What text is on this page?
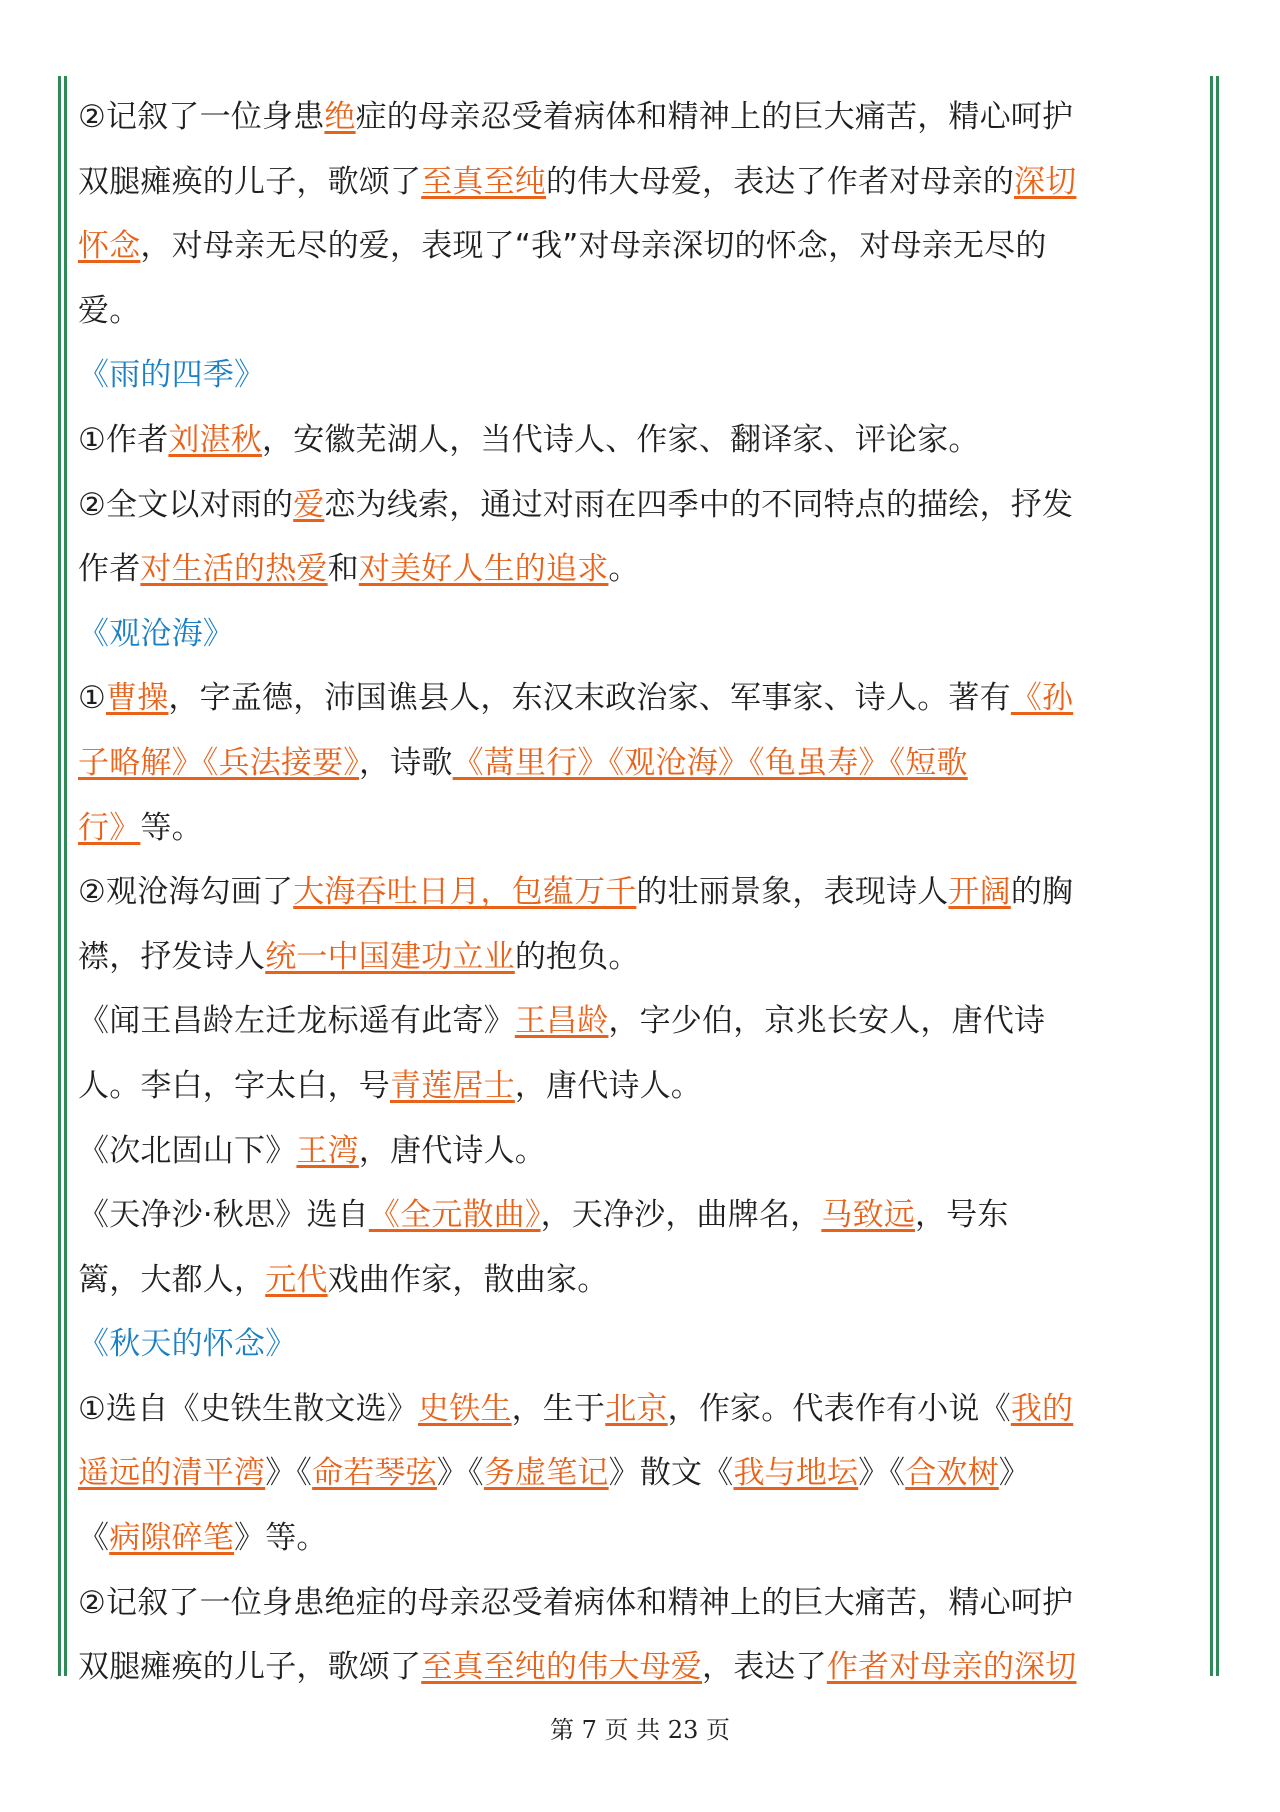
②记叙了一位身患绝症的母亲忍受着病体和精神上的巨大痛苦，精心呵护
双腿瘫痪的儿子，歌颂了至真至纯的伟大母爱，表达了作者对母亲的深切
怀念，对母亲无尽的爱，表现了“我”对母亲深切的怀念，对母亲无尽的
爱。
《雨的四季》
①作者刘湛秋，安徽芜湖人，当代诗人、作家、翻译家、评论家。
②全文以对雨的爱恋为线索，通过对雨在四季中的不同特点的描绘，抒发
作者对生活的热爱和对美好人生的追求。
《观沧海》
①曹操，字孟德，沛国谯县人，东汉末政治家、军事家、诗人。著有《孙
子略解》《兵法接要》，诗歌《蒿里行》《观沧海》《龟虽寿》《短歌
行》等。
②观沧海勾画了大海吞吐日月，包蕴万千的壮丽景象，表现诗人开阔的胸
襟，抒发诗人统一中国建功立业的抱负。
《闻王昌龄左迁龙标遥有此寄》王昌龄，字少伯，京兆长安人，唐代诗
人。李白，字太白，号青莲居士，唐代诗人。
《次北固山下》王湾，唐代诗人。
《天净沙·秋思》选自《全元散曲》，天净沙，曲牌名，马致远，号东
篱，大都人，元代戏曲作家，散曲家。
《秋天的怀念》
①选自《史铁生散文选》史铁生，生于北京，作家。代表作有小说《我的
遥远的清平湾》《命若琴弦》《务虚笔记》散文《我与地坛》《合欢树》
《病隙碎笔》等。
②记叙了一位身患绝症的母亲忍受着病体和精神上的巨大痛苦，精心呵护
双腿瘫痪的儿子，歌颂了至真至纯的伟大母爱，表达了作者对母亲的深切
第 7 页 共 23 页
